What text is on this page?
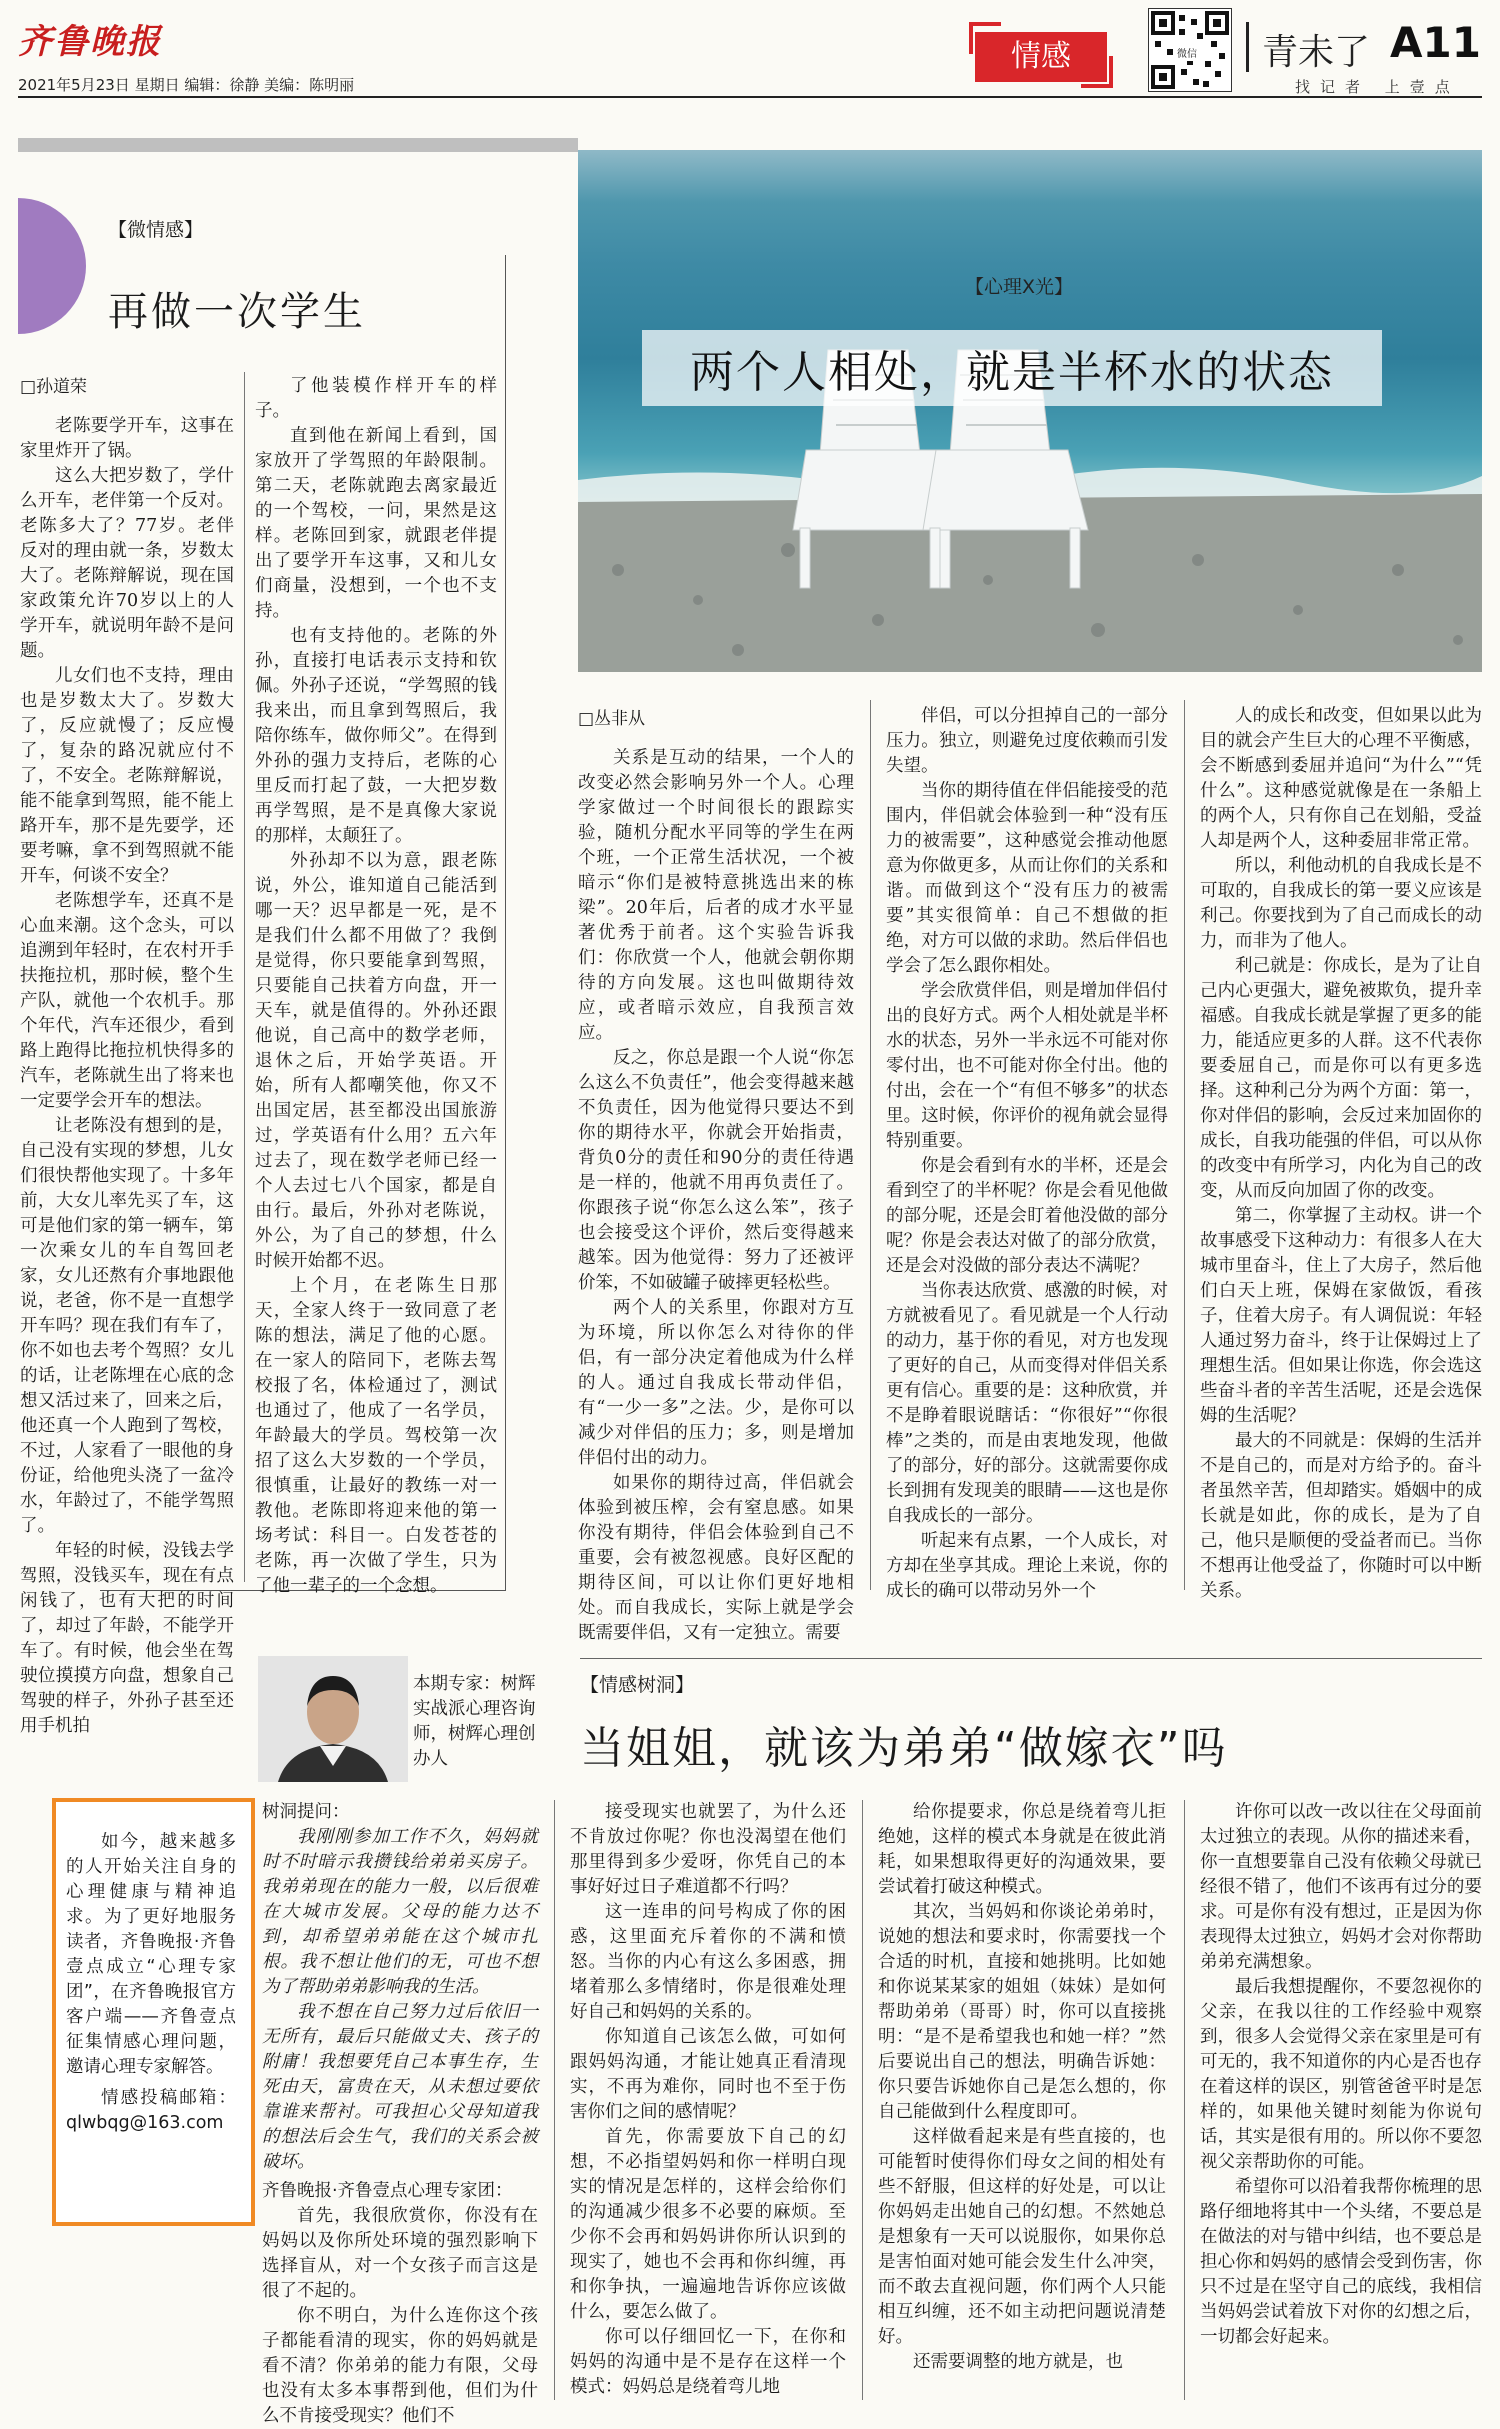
齐鲁晚报
2021年5月23日 星期日 编辑：徐静 美编：陈明丽
情感	微信 青未了 A11
找记者 上壹点
【微情感】
再做一次学生
□孙道荣

老陈要学开车，这事在家里炸开了锅。

这么大把岁数了，学什么开车，老伴第一个反对。老陈多大了？77岁。老伴反对的理由就一条，岁数太大了。老陈辩解说，现在国家政策允许70岁以上的人学开车，就说明年龄不是问题。

儿女们也不支持，理由也是岁数太大了。岁数大了，反应就慢了；反应慢了，复杂的路况就应付不了，不安全。老陈辩解说，能不能拿到驾照，能不能上路开车，那不是先要学，还要考嘛，拿不到驾照就不能开车，何谈不安全？

老陈想学车，还真不是心血来潮。这个念头，可以追溯到年轻时，在农村开手扶拖拉机，那时候，整个生产队，就他一个农机手。那个年代，汽车还很少，看到路上跑得比拖拉机快得多的汽车，老陈就生出了将来也一定要学会开车的想法。

让老陈没有想到的是，自己没有实现的梦想，儿女们很快帮他实现了。十多年前，大女儿率先买了车，这可是他们家的第一辆车，第一次乘女儿的车自驾回老家，女儿还熬有介事地跟他说，老爸，你不是一直想学开车吗？现在我们有车了，你不如也去考个驾照？女儿的话，让老陈埋在心底的念想又活过来了，回来之后，他还真一个人跑到了驾校，不过，人家看了一眼他的身份证，给他兜头浇了一盆冷水，年龄过了，不能学驾照了。

年轻的时候，没钱去学驾照，没钱买车，现在有点闲钱了，也有大把的时间了，却过了年龄，不能学开车了。有时候，他会坐在驾驶位摸摸方向盘，想象自己驾驶的样子，外孙子甚至还用手机拍

了他装模作样开车的样子。

直到他在新闻上看到，国家放开了学驾照的年龄限制。第二天，老陈就跑去离家最近的一个驾校，一问，果然是这样。老陈回到家，就跟老伴提出了要学开车这事，又和儿女们商量，没想到，一个也不支持。

也有支持他的。老陈的外孙，直接打电话表示支持和钦佩。外孙子还说，“学驾照的钱我来出，而且拿到驾照后，我陪你练车，做你师父”。在得到外孙的强力支持后，老陈的心里反而打起了鼓，一大把岁数再学驾照，是不是真像大家说的那样，太颠狂了。

外孙却不以为意，跟老陈说，外公，谁知道自己能活到哪一天？迟早都是一死，是不是我们什么都不用做了？我倒是觉得，你只要能拿到驾照，只要能自己扶着方向盘，开一天车，就是值得的。外孙还跟他说，自己高中的数学老师，退休之后，开始学英语。开始，所有人都嘲笑他，你又不出国定居，甚至都没出国旅游过，学英语有什么用？五六年过去了，现在数学老师已经一个人去过七八个国家，都是自由行。最后，外孙对老陈说，外公，为了自己的梦想，什么时候开始都不迟。

上个月，在老陈生日那天，全家人终于一致同意了老陈的想法，满足了他的心愿。在一家人的陪同下，老陈去驾校报了名，体检通过了，测试也通过了，他成了一名学员，年龄最大的学员。驾校第一次招了这么大岁数的一个学员，很慎重，让最好的教练一对一教他。老陈即将迎来他的第一场考试：科目一。白发苍苍的老陈，再一次做了学生，只为了他一辈子的一个念想。

【心理X光】
两个人相处，就是半杯水的状态
□丛非从

关系是互动的结果，一个人的改变必然会影响另外一个人。心理学家做过一个时间很长的跟踪实验，随机分配水平同等的学生在两个班，一个正常生活状况，一个被暗示“你们是被特意挑选出来的栋梁”。20年后，后者的成才水平显著优秀于前者。这个实验告诉我们：你欣赏一个人，他就会朝你期待的方向发展。这也叫做期待效应，或者暗示效应，自我预言效应。

反之，你总是跟一个人说“你怎么这么不负责任”，他会变得越来越不负责任，因为他觉得只要达不到你的期待水平，你就会开始指责，背负0分的责任和90分的责任待遇是一样的，他就不用再负责任了。你跟孩子说“你怎么这么笨”，孩子也会接受这个评价，然后变得越来越笨。因为他觉得：努力了还被评价笨，不如破罐子破摔更轻松些。

两个人的关系里，你跟对方互为环境，所以你怎么对待你的伴侣，有一部分决定着他成为什么样的人。通过自我成长带动伴侣，有“一少一多”之法。少，是你可以减少对伴侣的压力；多，则是增加伴侣付出的动力。

如果你的期待过高，伴侣就会体验到被压榨，会有窒息感。如果你没有期待，伴侣会体验到自己不重要，会有被忽视感。良好区配的期待区间，可以让你们更好地相处。而自我成长，实际上就是学会既需要伴侣，又有一定独立。需要

伴侣，可以分担掉自己的一部分压力。独立，则避免过度依赖而引发失望。

当你的期待值在伴侣能接受的范围内，伴侣就会体验到一种“没有压力的被需要”，这种感觉会推动他愿意为你做更多，从而让你们的关系和谐。而做到这个“没有压力的被需要”其实很简单：自己不想做的拒绝，对方可以做的求助。然后伴侣也学会了怎么跟你相处。

学会欣赏伴侣，则是增加伴侣付出的良好方式。两个人相处就是半杯水的状态，另外一半永远不可能对你零付出，也不可能对你全付出。他的付出，会在一个“有但不够多”的状态里。这时候，你评价的视角就会显得特别重要。

你是会看到有水的半杯，还是会看到空了的半杯呢？你是会看见他做的部分呢，还是会盯着他没做的部分呢？你是会表达对做了的部分欣赏，还是会对没做的部分表达不满呢？

当你表达欣赏、感激的时候，对方就被看见了。看见就是一个人行动的动力，基于你的看见，对方也发现了更好的自己，从而变得对伴侣关系更有信心。重要的是：这种欣赏，并不是睁着眼说瞎话：“你很好”“你很棒”之类的，而是由衷地发现，他做了的部分，好的部分。这就需要你成长到拥有发现美的眼睛——这也是你自我成长的一部分。

听起来有点累，一个人成长，对方却在坐享其成。理论上来说，你的成长的确可以带动另外一个

人的成长和改变，但如果以此为目的就会产生巨大的心理不平衡感，会不断感到委屈并追问“为什么”“凭什么”。这种感觉就像是在一条船上的两个人，只有你自己在划船，受益人却是两个人，这种委屈非常正常。

所以，利他动机的自我成长是不可取的，自我成长的第一要义应该是利己。你要找到为了自己而成长的动力，而非为了他人。

利己就是：你成长，是为了让自己内心更强大，避免被欺负，提升幸福感。自我成长就是掌握了更多的能力，能适应更多的人群。这不代表你要委屈自己，而是你可以有更多选择。这种利己分为两个方面：第一，你对伴侣的影响，会反过来加固你的成长，自我功能强的伴侣，可以从你的改变中有所学习，内化为自己的改变，从而反向加固了你的改变。

第二，你掌握了主动权。讲一个故事感受下这种动力：有很多人在大城市里奋斗，住上了大房子，然后他们白天上班，保姆在家做饭，看孩子，住着大房子。有人调侃说：年轻人通过努力奋斗，终于让保姆过上了理想生活。但如果让你选，你会选这些奋斗者的辛苦生活呢，还是会选保姆的生活呢？

最大的不同就是：保姆的生活并不是自己的，而是对方给予的。奋斗者虽然辛苦，但却踏实。婚姻中的成长就是如此，你的成长，是为了自己，他只是顺便的受益者而已。当你不想再让他受益了，你随时可以中断关系。

本期专家：树辉 实战派心理咨询师，树辉心理创办人
【情感树洞】
当姐姐，就该为弟弟“做嫁衣”吗

如今，越来越多的人开始关注自身的心理健康与精神追求。为了更好地服务读者，齐鲁晚报·齐鲁壹点成立“心理专家团”，在齐鲁晚报官方客户端——齐鲁壹点征集情感心理问题，邀请心理专家解答。

情感投稿邮箱：qlwbqg@163.com

树洞提问：

我刚刚参加工作不久，妈妈就时不时暗示我攒钱给弟弟买房子。我弟弟现在的能力一般，以后很难在大城市发展。父母的能力达不到，却希望弟弟能在这个城市扎根。我不想让他们的无，可也不想为了帮助弟弟影响我的生活。

我不想在自己努力过后依旧一无所有，最后只能做丈夫、孩子的附庸！我想要凭自己本事生存，生死由天，富贵在天，从未想过要依靠谁来帮衬。可我担心父母知道我的想法后会生气，我们的关系会被破坏。

齐鲁晚报·齐鲁壹点心理专家团：

首先，我很欣赏你，你没有在妈妈以及你所处环境的强烈影响下选择盲从，对一个女孩子而言这是很了不起的。

你不明白，为什么连你这个孩子都能看清的现实，你的妈妈就是看不清？你弟弟的能力有限，父母也没有太多本事帮到他，但们为什么不肯接受现实？他们不

接受现实也就罢了，为什么还不肯放过你呢？你也没渴望在他们那里得到多少爱呀，你凭自己的本事好好过日子难道都不行吗？

这一连串的问号构成了你的困惑，这里面充斥着你的不满和愤怒。当你的内心有这么多困惑，拥堵着那么多情绪时，你是很难处理好自己和妈妈的关系的。

你知道自己该怎么做，可如何跟妈妈沟通，才能让她真正看清现实，不再为难你，同时也不至于伤害你们之间的感情呢？

首先，你需要放下自己的幻想，不必指望妈妈和你一样明白现实的情况是怎样的，这样会给你们的沟通减少很多不必要的麻烦。至少你不会再和妈妈讲你所认识到的现实了，她也不会再和你纠缠，再和你争执，一遍遍地告诉你应该做什么，要怎么做了。

你可以仔细回忆一下，在你和妈妈的沟通中是不是存在这样一个模式：妈妈总是绕着弯儿地

给你提要求，你总是绕着弯儿拒绝她，这样的模式本身就是在彼此消耗，如果想取得更好的沟通效果，要尝试着打破这种模式。

其次，当妈妈和你谈论弟弟时，说她的想法和要求时，你需要找一个合适的时机，直接和她挑明。比如她和你说某某家的姐姐（妹妹）是如何帮助弟弟（哥哥）时，你可以直接挑明：“是不是希望我也和她一样？”然后要说出自己的想法，明确告诉她：你只要告诉她你自己是怎么想的，你自己能做到什么程度即可。

这样做看起来是有些直接的，也可能暂时使得你们母女之间的相处有些不舒服，但这样的好处是，可以让你妈妈走出她自己的幻想。不然她总是想象有一天可以说服你，如果你总是害怕面对她可能会发生什么冲突，而不敢去直视问题，你们两个人只能相互纠缠，还不如主动把问题说清楚好。

还需要调整的地方就是，也

许你可以改一改以往在父母面前太过独立的表现。从你的描述来看，你一直想要靠自己没有依赖父母就已经很不错了，他们不该再有过分的要求。可是你有没有想过，正是因为你表现得太过独立，妈妈才会对你帮助弟弟充满想象。

最后我想提醒你，不要忽视你的父亲，在我以往的工作经验中观察到，很多人会觉得父亲在家里是可有可无的，我不知道你的内心是否也存在着这样的误区，别管爸爸平时是怎样的，如果他关键时刻能为你说句话，其实是很有用的。所以你不要忽视父亲帮助你的可能。

希望你可以沿着我帮你梳理的思路仔细地将其中一个头绪，不要总是在做法的对与错中纠结，也不要总是担心你和妈妈的感情会受到伤害，你只不过是在坚守自己的底线，我相信当妈妈尝试着放下对你的幻想之后，一切都会好起来。
